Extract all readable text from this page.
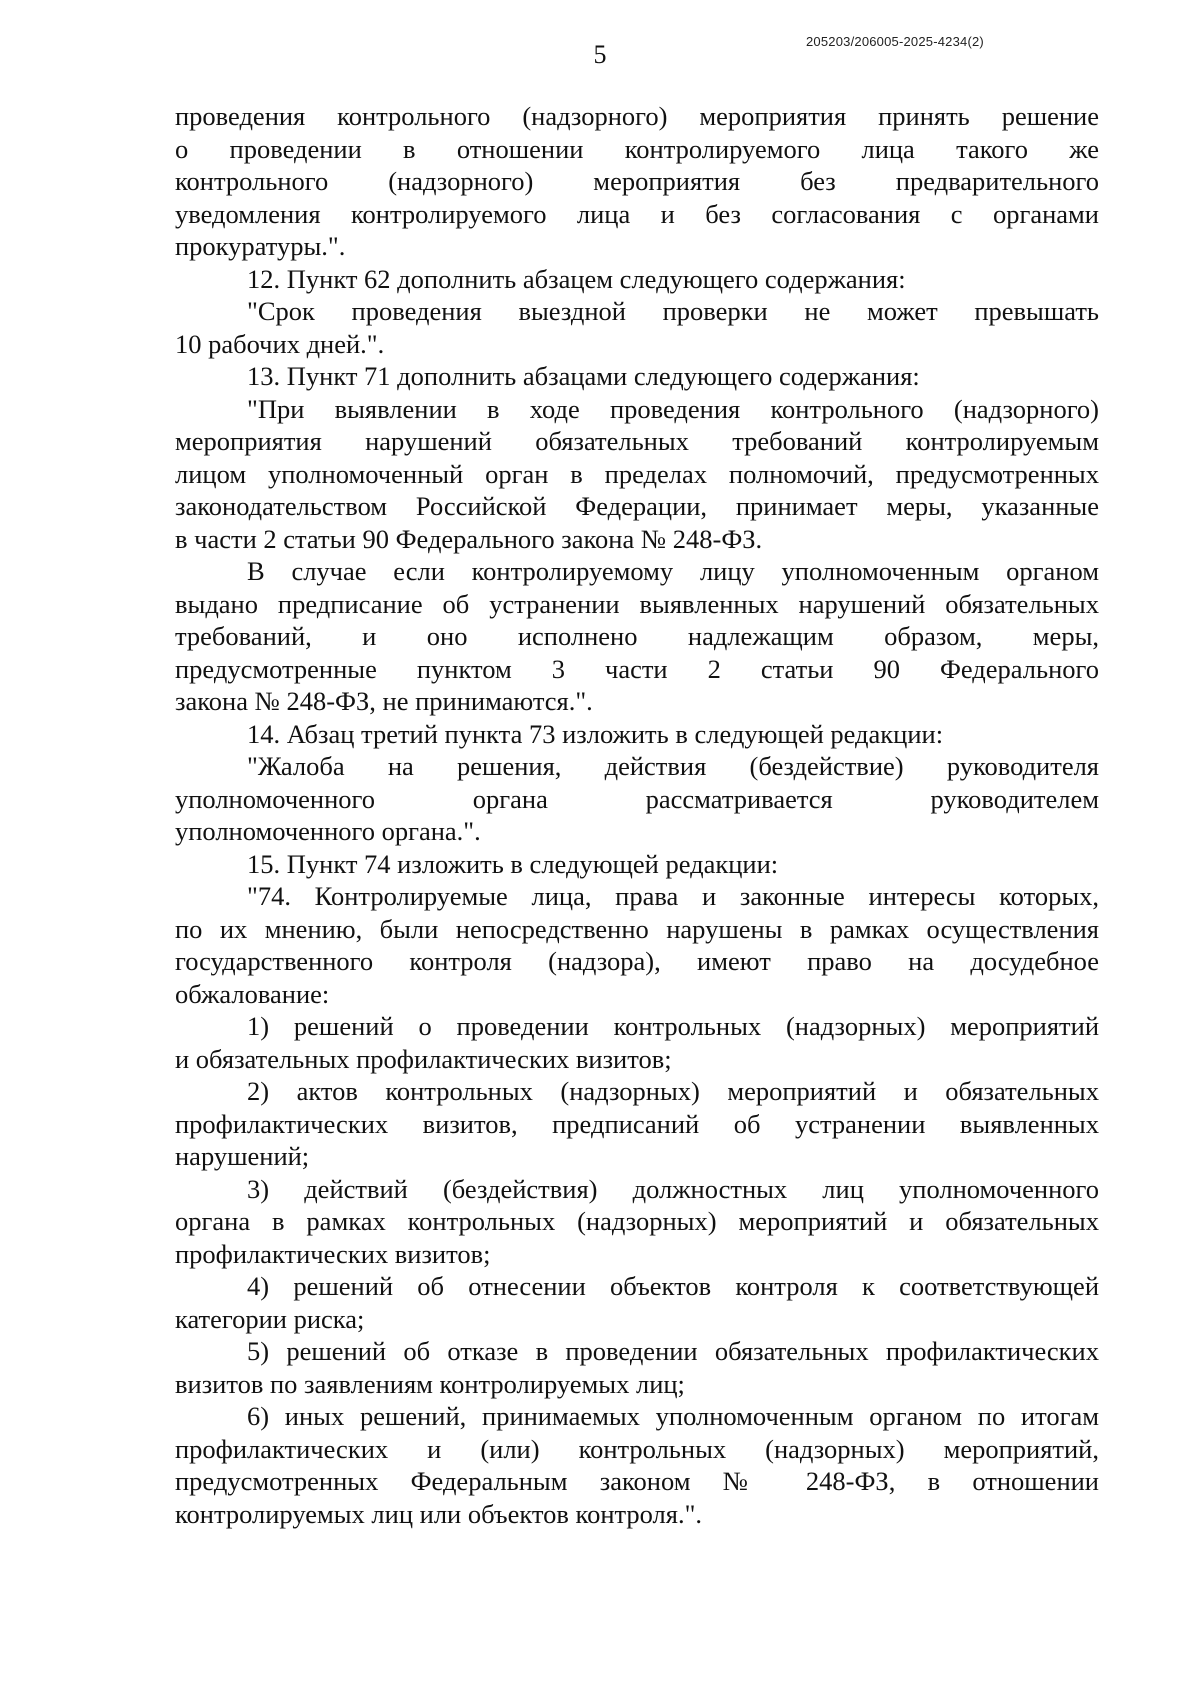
5	205203/206005-2025-4234(2)
проведения контрольного (надзорного) мероприятия принять решение
о проведении в отношении контролируемого лица такого же
контрольного (надзорного) мероприятия без предварительного
уведомления контролируемого лица и без согласования с органами
прокуратуры.".
12. Пункт 62 дополнить абзацем следующего содержания:
"Срок проведения выездной проверки не может превышать
10 рабочих дней.".
13. Пункт 71 дополнить абзацами следующего содержания:
"При выявлении в ходе проведения контрольного (надзорного)
мероприятия нарушений обязательных требований контролируемым
лицом уполномоченный орган в пределах полномочий, предусмотренных
законодательством Российской Федерации, принимает меры, указанные
в части 2 статьи 90 Федерального закона № 248-ФЗ.
В случае если контролируемому лицу уполномоченным органом
выдано предписание об устранении выявленных нарушений обязательных
требований, и оно исполнено надлежащим образом, меры,
предусмотренные пунктом 3 части 2 статьи 90 Федерального
закона № 248-ФЗ, не принимаются.".
14. Абзац третий пункта 73 изложить в следующей редакции:
"Жалоба на решения, действия (бездействие) руководителя
уполномоченного органа рассматривается руководителем
уполномоченного органа.".
15. Пункт 74 изложить в следующей редакции:
"74. Контролируемые лица, права и законные интересы которых,
по их мнению, были непосредственно нарушены в рамках осуществления
государственного контроля (надзора), имеют право на досудебное
обжалование:
1) решений о проведении контрольных (надзорных) мероприятий
и обязательных профилактических визитов;
2) актов контрольных (надзорных) мероприятий и обязательных
профилактических визитов, предписаний об устранении выявленных
нарушений;
3) действий (бездействия) должностных лиц уполномоченного
органа в рамках контрольных (надзорных) мероприятий и обязательных
профилактических визитов;
4) решений об отнесении объектов контроля к соответствующей
категории риска;
5) решений об отказе в проведении обязательных профилактических
визитов по заявлениям контролируемых лиц;
6) иных решений, принимаемых уполномоченным органом по итогам
профилактических и (или) контрольных (надзорных) мероприятий,
предусмотренных Федеральным законом № 248-ФЗ, в отношении
контролируемых лиц или объектов контроля.".
